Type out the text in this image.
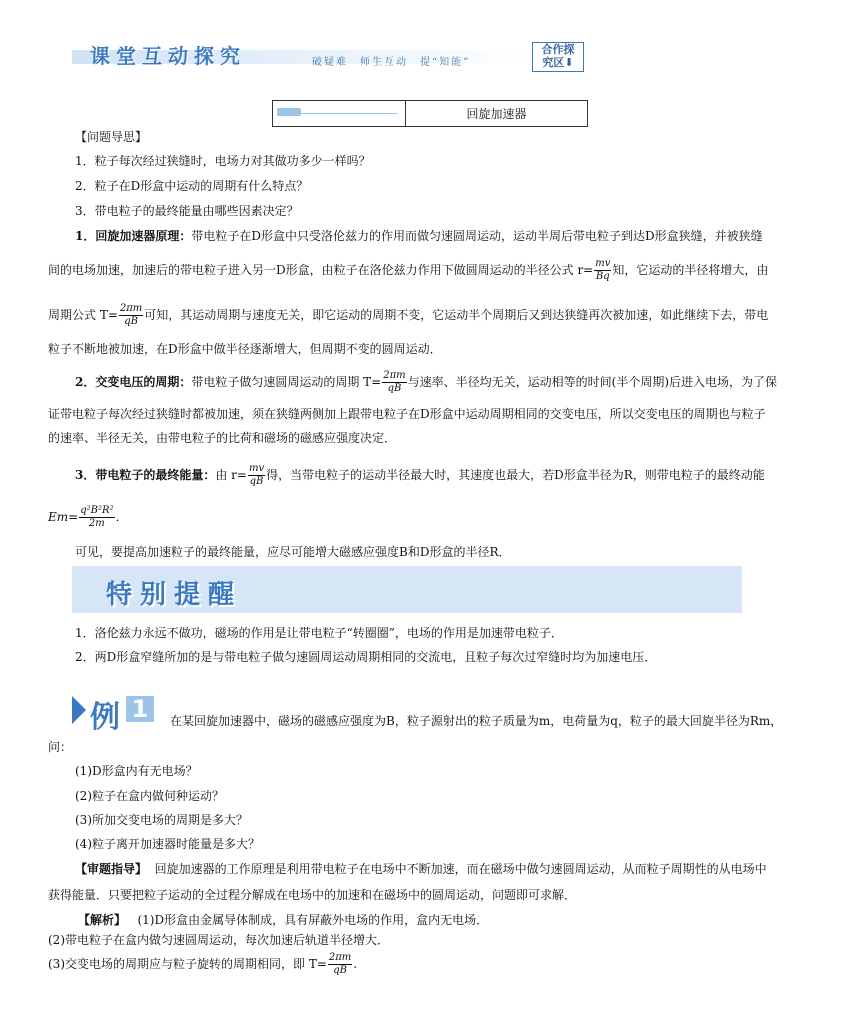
课堂互动探究	破疑难　师生互动　提“知能”
合作探
究区⬇
回旋加速器
【问题导思】
1．粒子每次经过狭缝时，电场力对其做功多少一样吗？
2．粒子在D形盒中运动的周期有什么特点？
3．带电粒子的最终能量由哪些因素决定？
1．回旋加速器原理：带电粒子在D形盒中只受洛伦兹力的作用而做匀速圆周运动，运动半周后带电粒子到达D形盒狭缝，并被狭缝
间的电场加速，加速后的带电粒子进入另一D形盒，由粒子在洛伦兹力作用下做圆周运动的半径公式 $r= \frac{mv}{Bq}$ 知，它运动的半径将增大，由
周期公式 $T= \frac{2\pi m}{qB}$ 可知，其运动周期与速度无关，即它运动的周期不变，它运动半个周期后又到达狭缝再次被加速，如此继续下去，带电
粒子不断地被加速，在D形盒中做半径逐渐增大，但周期不变的圆周运动．
2．交变电压的周期：带电粒子做匀速圆周运动的周期 $T= \frac{2\pi m}{qB}$ 与速率、半径均无关，运动相等的时间(半个周期)后进入电场，为了保
证带电粒子每次经过狭缝时都被加速，须在狭缝两侧加上跟带电粒子在D形盒中运动周期相同的交变电压，所以交变电压的周期也与粒子
的速率、半径无关，由带电粒子的比荷和磁场的磁感应强度决定．
3．带电粒子的最终能量：由 $r= \frac{mv}{qB}$ 得，当带电粒子的运动半径最大时，其速度也最大，若D形盒半径为R，则带电粒子的最终动能
$Em= \frac{\text{q²B²R²}}{2m}$ ．
可见，要提高加速粒子的最终能量，应尽可能增大磁感应强度B和D形盒的半径R．
特别提醒
1．洛伦兹力永远不做功，磁场的作用是让带电粒子“转圈圈”，电场的作用是加速带电粒子．
2．两D形盒窄缝所加的是与带电粒子做匀速圆周运动周期相同的交流电，且粒子每次过窄缝时均为加速电压．
例 1	在某回旋加速器中，磁场的磁感应强度为B，粒子源射出的粒子质量为m，电荷量为q，粒子的最大回旋半径为Rm，
问：
(1)D形盒内有无电场？
(2)粒子在盒内做何种运动？
(3)所加交变电场的周期是多大？
(4)粒子离开加速器时能量是多大？
【审题指导】 回旋加速器的工作原理是利用带电粒子在电场中不断加速，而在磁场中做匀速圆周运动，从而粒子周期性的从电场中
获得能量．只要把粒子运动的全过程分解成在电场中的加速和在磁场中的圆周运动，问题即可求解．
【解析】 (1)D形盒由金属导体制成，具有屏蔽外电场的作用，盒内无电场．
(2)带电粒子在盒内做匀速圆周运动，每次加速后轨道半径增大．
(3)交变电场的周期应与粒子旋转的周期相同，即 $T= \frac{2\pi m}{qB}$ .
